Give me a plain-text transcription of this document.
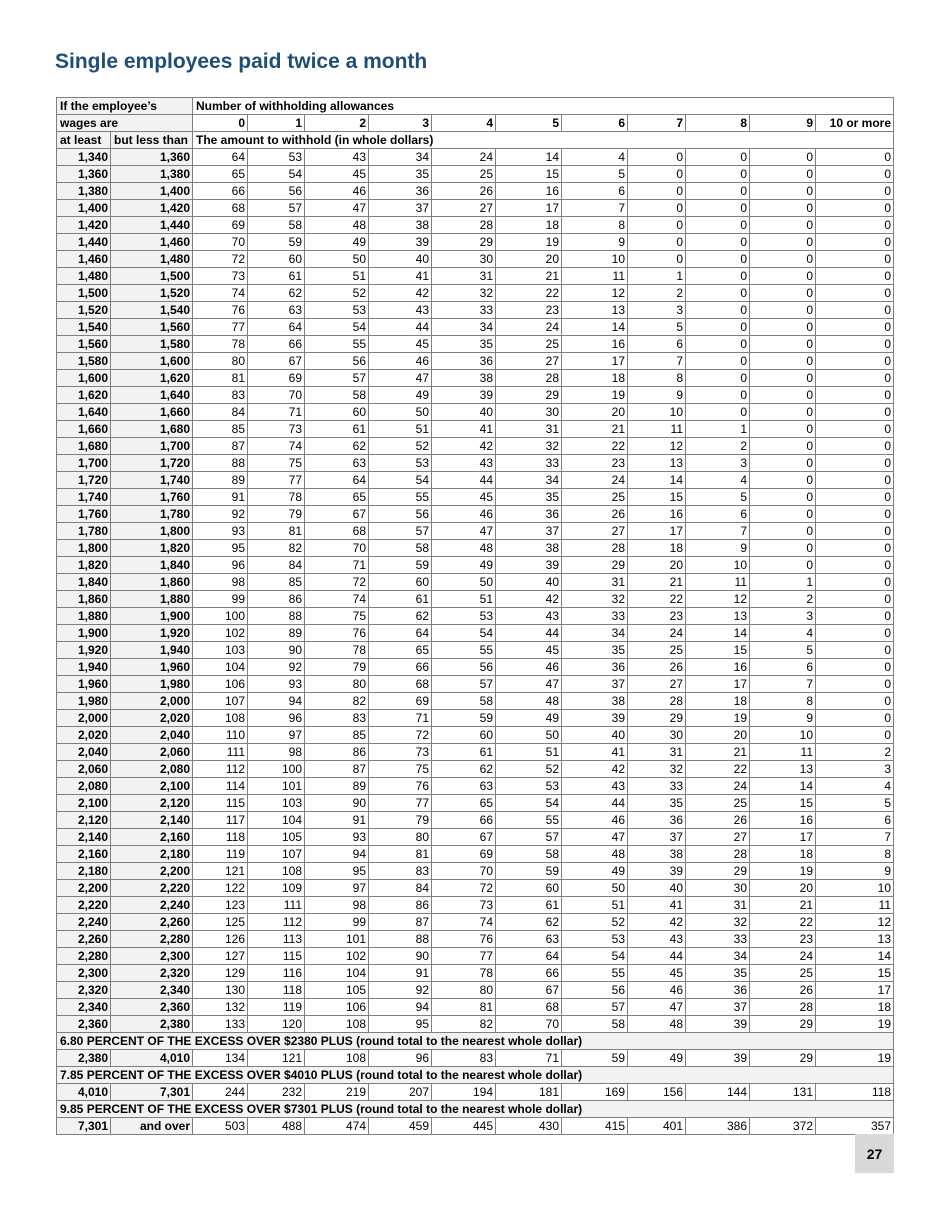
Single employees paid twice a month
If the employee’s		Number of withholding allowances										
wages are		0	1	2	3	4	5	6	7	8	9	10 or more
at least	but less than	The amount to withhold (in whole dollars)										
1,340	1,360	64	53	43	34	24	14	4	0	0	0	0
1,360	1,380	65	54	45	35	25	15	5	0	0	0	0
1,380	1,400	66	56	46	36	26	16	6	0	0	0	0
1,400	1,420	68	57	47	37	27	17	7	0	0	0	0
1,420	1,440	69	58	48	38	28	18	8	0	0	0	0
1,440	1,460	70	59	49	39	29	19	9	0	0	0	0
1,460	1,480	72	60	50	40	30	20	10	0	0	0	0
1,480	1,500	73	61	51	41	31	21	11	1	0	0	0
1,500	1,520	74	62	52	42	32	22	12	2	0	0	0
1,520	1,540	76	63	53	43	33	23	13	3	0	0	0
1,540	1,560	77	64	54	44	34	24	14	5	0	0	0
1,560	1,580	78	66	55	45	35	25	16	6	0	0	0
1,580	1,600	80	67	56	46	36	27	17	7	0	0	0
1,600	1,620	81	69	57	47	38	28	18	8	0	0	0
1,620	1,640	83	70	58	49	39	29	19	9	0	0	0
1,640	1,660	84	71	60	50	40	30	20	10	0	0	0
1,660	1,680	85	73	61	51	41	31	21	11	1	0	0
1,680	1,700	87	74	62	52	42	32	22	12	2	0	0
1,700	1,720	88	75	63	53	43	33	23	13	3	0	0
1,720	1,740	89	77	64	54	44	34	24	14	4	0	0
1,740	1,760	91	78	65	55	45	35	25	15	5	0	0
1,760	1,780	92	79	67	56	46	36	26	16	6	0	0
1,780	1,800	93	81	68	57	47	37	27	17	7	0	0
1,800	1,820	95	82	70	58	48	38	28	18	9	0	0
1,820	1,840	96	84	71	59	49	39	29	20	10	0	0
1,840	1,860	98	85	72	60	50	40	31	21	11	1	0
1,860	1,880	99	86	74	61	51	42	32	22	12	2	0
1,880	1,900	100	88	75	62	53	43	33	23	13	3	0
1,900	1,920	102	89	76	64	54	44	34	24	14	4	0
1,920	1,940	103	90	78	65	55	45	35	25	15	5	0
1,940	1,960	104	92	79	66	56	46	36	26	16	6	0
1,960	1,980	106	93	80	68	57	47	37	27	17	7	0
1,980	2,000	107	94	82	69	58	48	38	28	18	8	0
2,000	2,020	108	96	83	71	59	49	39	29	19	9	0
2,020	2,040	110	97	85	72	60	50	40	30	20	10	0
2,040	2,060	111	98	86	73	61	51	41	31	21	11	2
2,060	2,080	112	100	87	75	62	52	42	32	22	13	3
2,080	2,100	114	101	89	76	63	53	43	33	24	14	4
2,100	2,120	115	103	90	77	65	54	44	35	25	15	5
2,120	2,140	117	104	91	79	66	55	46	36	26	16	6
2,140	2,160	118	105	93	80	67	57	47	37	27	17	7
2,160	2,180	119	107	94	81	69	58	48	38	28	18	8
2,180	2,200	121	108	95	83	70	59	49	39	29	19	9
2,200	2,220	122	109	97	84	72	60	50	40	30	20	10
2,220	2,240	123	111	98	86	73	61	51	41	31	21	11
2,240	2,260	125	112	99	87	74	62	52	42	32	22	12
2,260	2,280	126	113	101	88	76	63	53	43	33	23	13
2,280	2,300	127	115	102	90	77	64	54	44	34	24	14
2,300	2,320	129	116	104	91	78	66	55	45	35	25	15
2,320	2,340	130	118	105	92	80	67	56	46	36	26	17
2,340	2,360	132	119	106	94	81	68	57	47	37	28	18
2,360	2,380	133	120	108	95	82	70	58	48	39	29	19
6.80 PERCENT OF THE EXCESS OVER $2380 PLUS (round total to the nearest whole dollar)												
2,380	4,010	134	121	108	96	83	71	59	49	39	29	19
7.85 PERCENT OF THE EXCESS OVER $4010 PLUS (round total to the nearest whole dollar)												
4,010	7,301	244	232	219	207	194	181	169	156	144	131	118
9.85 PERCENT OF THE EXCESS OVER $7301 PLUS (round total to the nearest whole dollar)												
7,301	and over	503	488	474	459	445	430	415	401	386	372	357
27
